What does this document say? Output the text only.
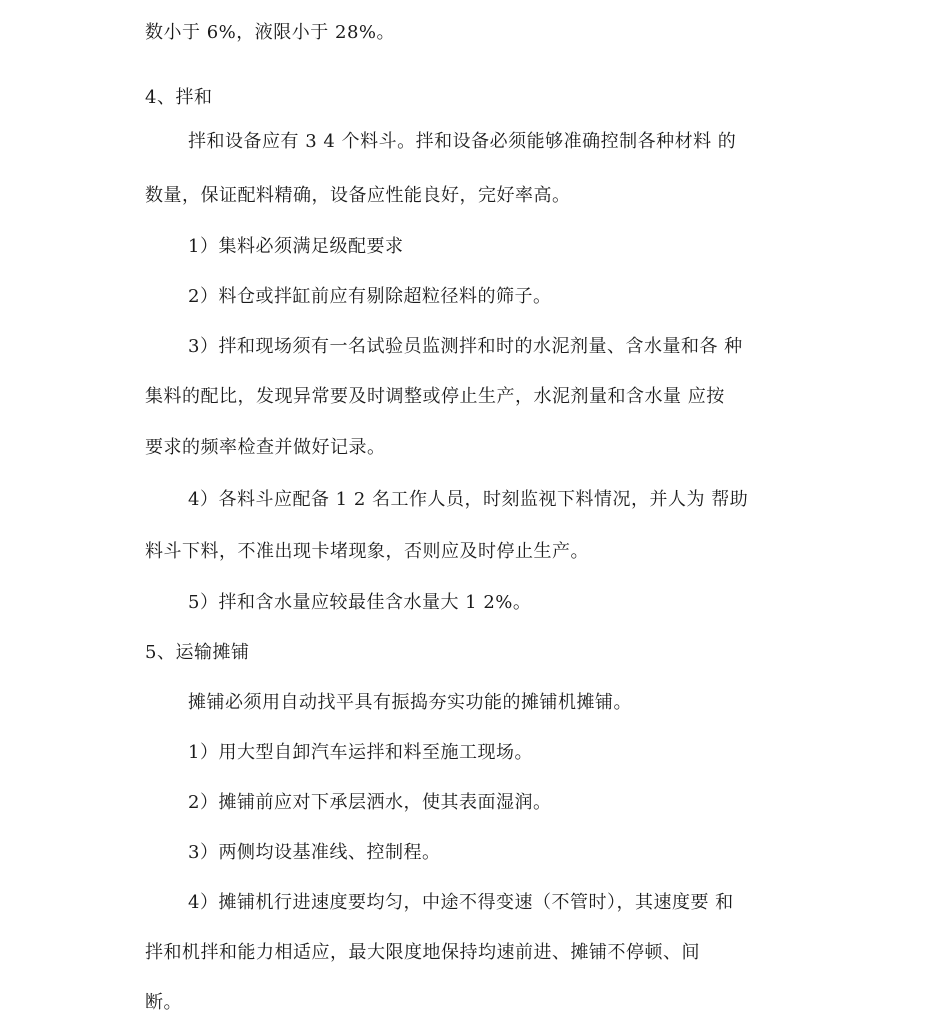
数小于 6%，液限小于 28%。
4、拌和
拌和设备应有 3 4 个料斗。拌和设备必须能够准确控制各种材料 的
数量，保证配料精确，设备应性能良好，完好率高。
1）集料必须满足级配要求
2）料仓或拌缸前应有剔除超粒径料的筛子。
3）拌和现场须有一名试验员监测拌和时的水泥剂量、含水量和各 种
集料的配比，发现异常要及时调整或停止生产，水泥剂量和含水量 应按
要求的频率检查并做好记录。
4）各料斗应配备 1 2 名工作人员，时刻监视下料情况，并人为 帮助
料斗下料，不准出现卡堵现象，否则应及时停止生产。
5）拌和含水量应较最佳含水量大 1 2%。
5、运输摊铺
摊铺必须用自动找平具有振捣夯实功能的摊铺机摊铺。
1）用大型自卸汽车运拌和料至施工现场。
2）摊铺前应对下承层洒水，使其表面湿润。
3）两侧均设基准线、控制程。
4）摊铺机行进速度要均匀，中途不得变速（不管时），其速度要 和
拌和机拌和能力相适应，最大限度地保持均速前进、摊铺不停顿、间
断。
